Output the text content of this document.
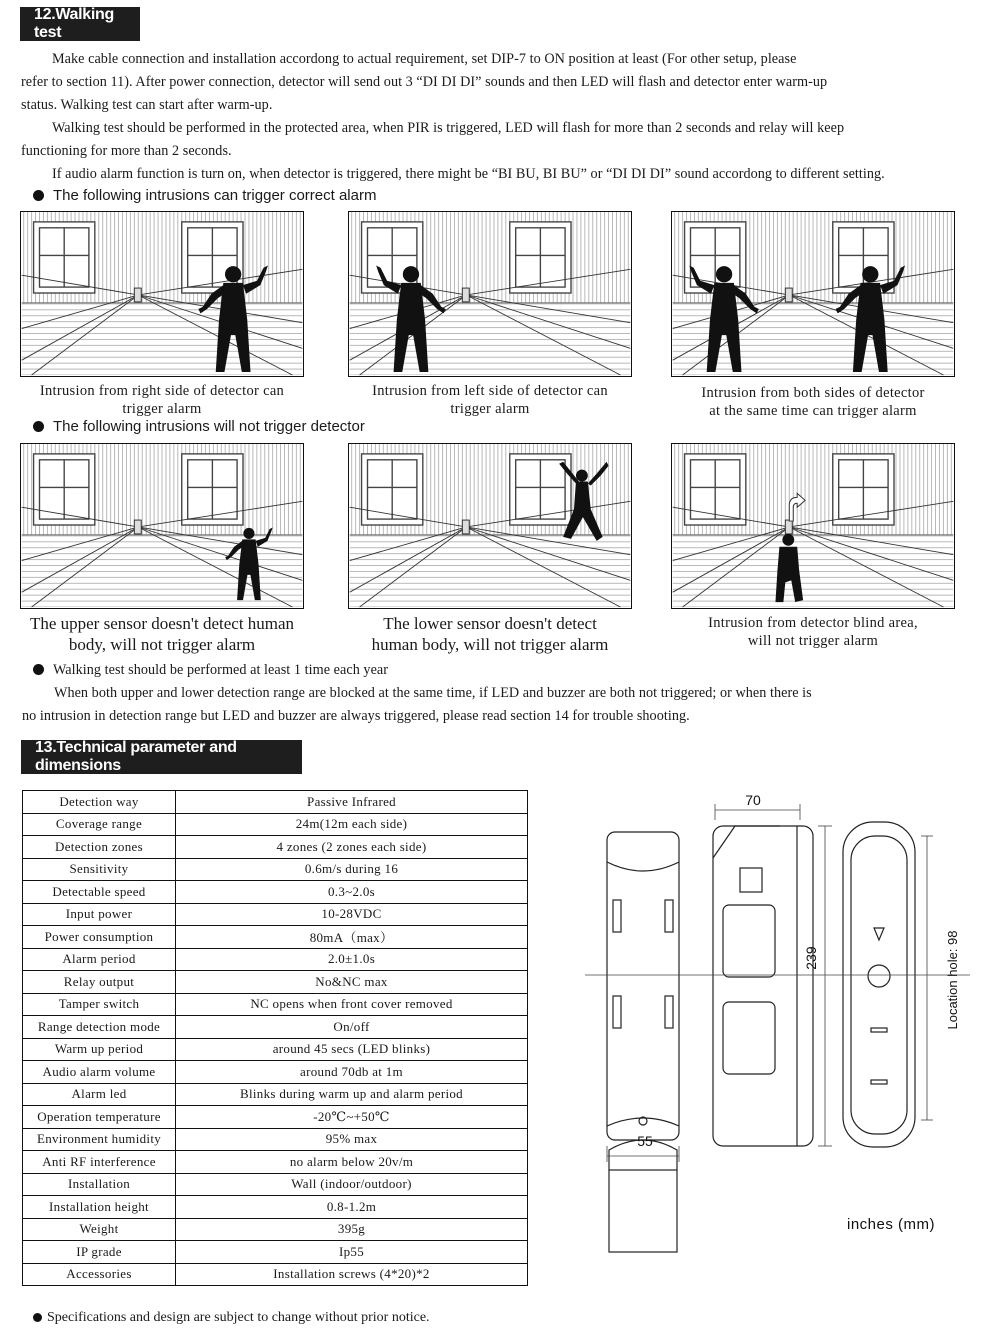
12.Walking test
Make cable connection and installation accordong to actual requirement, set DIP-7 to ON position at least (For other setup, please
refer to section 11). After power connection, detector will send out 3 “DI DI DI” sounds and then LED will flash and detector enter warm-up
status. Walking test can start after warm-up.
Walking test should be performed in the protected area, when PIR is triggered, LED will flash for more than 2 seconds and relay will keep
functioning for more than 2 seconds.
If audio alarm function is turn on, when detector is triggered, there might be “BI BU, BI BU” or “DI DI DI” sound accordong to different setting.
The following intrusions can trigger correct alarm
Intrusion from right side of detector can
trigger alarm
Intrusion from left side of detector can
trigger alarm
Intrusion from both sides of detector
at the same time can trigger alarm
The following intrusions will not trigger detector
The upper sensor doesn't detect human
body, will not trigger alarm
The lower sensor doesn't detect
human body, will not trigger alarm
Intrusion from detector blind area,
will not trigger alarm
Walking test should be performed at least 1 time each year
When both upper and lower detection range are blocked at the same time, if LED and buzzer are both not triggered; or when there is
no intrusion in detection range but LED and buzzer are always triggered, please read section 14 for trouble shooting.
13.Technical parameter and dimensions
Detection way	Passive Infrared
Coverage range	24m(12m each side)
Detection zones	4 zones (2 zones each side)
Sensitivity	0.6m/s during 16
Detectable speed	0.3~2.0s
Input power	10-28VDC
Power consumption	80mA（max）
Alarm period	2.0±1.0s
Relay output	No&NC max
Tamper switch	NC opens when front cover removed
Range detection mode	On/off
Warm up period	around 45 secs (LED blinks)
Audio alarm volume	around 70db at 1m
Alarm led	Blinks during warm up and alarm period
Operation temperature	-20℃~+50℃
Environment humidity	95% max
Anti RF interference	no alarm below 20v/m
Installation	Wall (indoor/outdoor)
Installation height	0.8-1.2m
Weight	395g
IP grade	Ip55
Accessories	Installation screws (4*20)*2
70
239
55
Location hole: 98
inches (mm)
Specifications and design are subject to change without prior notice.
